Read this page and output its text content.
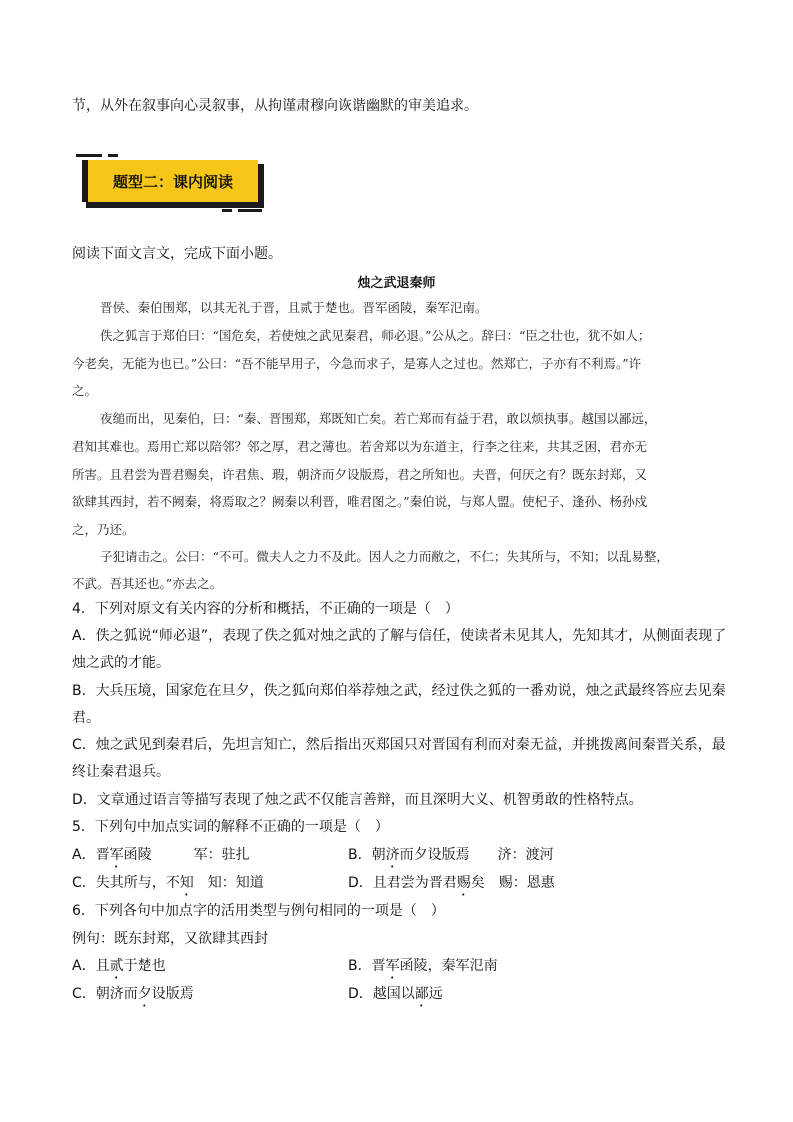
节，从外在叙事向心灵叙事，从拘谨肃穆向诙谐幽默的审美追求。
题型二：课内阅读
阅读下面文言文，完成下面小题。
烛之武退秦师
晋侯、秦伯围郑，以其无礼于晋，且贰于楚也。晋军函陵，秦军氾南。
佚之狐言于郑伯曰：“国危矣，若使烛之武见秦君，师必退。”公从之。辞曰：“臣之壮也，犹不如人；
今老矣，无能为也已。”公曰：“吾不能早用子，今急而求子，是寡人之过也。然郑亡，子亦有不利焉。”许
之。
夜缒而出，见秦伯，曰：“秦、晋围郑，郑既知亡矣。若亡郑而有益于君，敢以烦执事。越国以鄙远，
君知其难也。焉用亡郑以陪邻？邻之厚，君之薄也。若舍郑以为东道主，行李之往来，共其乏困，君亦无
所害。且君尝为晋君赐矣，许君焦、瑕，朝济而夕设版焉，君之所知也。夫晋，何厌之有？既东封郑，又
欲肆其西封，若不阙秦，将焉取之？阙秦以利晋，唯君图之。”秦伯说，与郑人盟。使杞子、逢孙、杨孙戍
之，乃还。
子犯请击之。公曰：“不可。微夫人之力不及此。因人之力而敝之，不仁；失其所与，不知；以乱易整，
不武。吾其还也。”亦去之。
4．下列对原文有关内容的分析和概括，不正确的一项是（　）
A．佚之狐说“师必退”，表现了佚之狐对烛之武的了解与信任，使读者未见其人，先知其才，从侧面表现了
烛之武的才能。
B．大兵压境，国家危在旦夕，佚之狐向郑伯举荐烛之武，经过佚之狐的一番劝说，烛之武最终答应去见秦
君。
C．烛之武见到秦君后，先坦言知亡，然后指出灭郑国只对晋国有利而对秦无益，并挑拨离间秦晋关系，最
终让秦君退兵。
D．文章通过语言等描写表现了烛之武不仅能言善辩，而且深明大义、机智勇敢的性格特点。
5．下列句中加点实词的解释不正确的一项是（　）
A．晋军函陵　　　军：驻扎	B．朝济而夕设版焉　　济：渡河
C．失其所与，不知　知：知道	D．且君尝为晋君赐矣　赐：恩惠
6．下列各句中加点字的活用类型与例句相同的一项是（　）
例句：既东封郑，又欲肆其西封
A．且贰于楚也	B．晋军函陵，秦军氾南
C．朝济而夕设版焉	D．越国以鄙远
